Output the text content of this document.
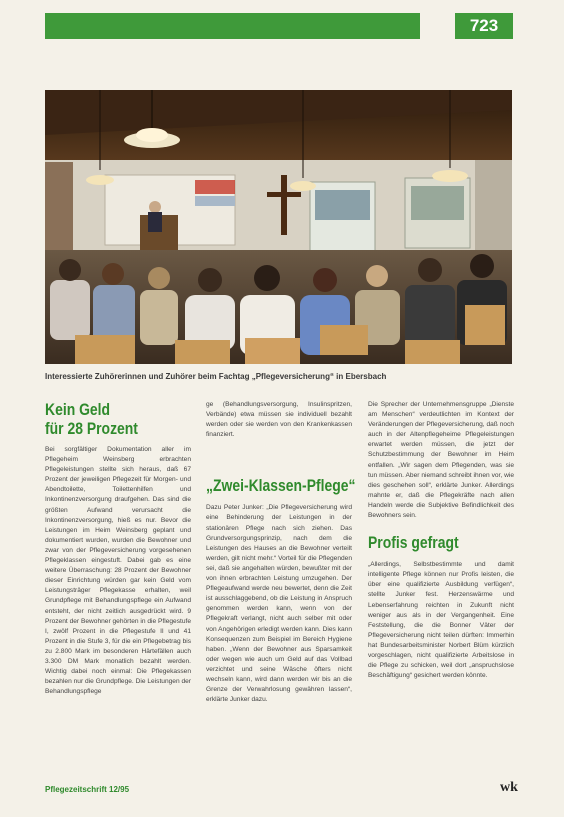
723
Interessierte Zuhörerinnen und Zuhörer beim Fachtag „Pflegeversicherung“ in Ebersbach
Kein Geld
für 28 Prozent

Bei sorgfältiger Dokumentation aller im Pflegeheim Weinsberg erbrachten Pflegeleistungen stellte sich heraus, daß 67 Prozent der jeweiligen Pflegezeit für Morgen- und Abendtoilette, Toilettenhilfen und Inkontinenzversorgung draufgehen. Das sind die größten Aufwand verursacht die Inkontinenzversorgung, hieß es nur. Bevor die Leistungen im Heim Weinsberg geplant und dokumentiert wurden, wurden die Bewohner und zwar von der Pflegeversicherung vorgesehenen Pflegeklassen eingestuft. Dabei gab es eine weitere Überraschung: 28 Prozent der Bewohner dieser Einrichtung würden gar kein Geld vom Leistungsträger Pflegekasse erhalten, weil Grundpflege mit Behandlungspflege ein Aufwand entsteht, der nicht zeitlich ausgedrückt wird. 9 Prozent der Bewohner gehörten in die Pflegestufe I, zwölf Prozent in die Pflegestufe II und 41 Prozent in die Stufe 3, für die ein Pflegebetrag bis zu 2.800 Mark im besonderen Härtefällen auch 3.300 DM Mark monatlich bezahlt werden. Wichtig dabei noch einmal: Die Pflegekassen bezahlen nur die Grundpflege. Die Leistungen der Behandlungspflege

ge (Behandlungsversorgung, Insulinspritzen, Verbände) etwa müssen sie individuell bezahlt werden oder sie werden von den Krankenkassen finanziert.

„Zwei-Klassen-Pflege“

Dazu Peter Junker: „Die Pflegeversicherung wird eine Behinderung der Leistungen in der stationären Pflege nach sich ziehen. Das Grundversorgungsprinzip, nach dem die Leistungen des Hauses an die Bewohner verteilt werden, gilt nicht mehr.“ Vorteil für die Pflegenden sei, daß sie angehalten würden, bewußter mit der von ihnen erbrachten Leistung umzugehen. Der Pflegeaufwand werde neu bewertet, denn die Zeit ist ausschlaggebend, ob die Leistung in Anspruch genommen werden kann, wenn von der Pflegekraft verlangt, nicht auch selber mit oder von Angehörigen erledigt werden kann. Dies kann Konsequenzen zum Beispiel im Bereich Hygiene haben. „Wenn der Bewohner aus Sparsamkeit oder wegen wie auch um Geld auf das Vollbad verzichtet und seine Wäsche öfters nicht wechseln kann, wird dann werden wir bis an die Grenze der Verwahrlosung gewähren lassen“, erklärte Junker dazu.

Die Sprecher der Unternehmensgruppe „Dienste am Menschen“ verdeutlichten im Kontext der Veränderungen der Pflegeversicherung, daß noch auch in der Altenpflegeheime Pflegeleistungen erwartet werden müssen, die jetzt der Schutzbestimmung der Bewohner im Heim entfallen. „Wir sagen dem Pflegenden, was sie tun müssen. Aber niemand schreibt ihnen vor, wie dies geschehen soll“, erklärte Junker. Allerdings mahnte er, daß die Pflegekräfte nach allen Handeln werde die Subjektive Befindlichkeit des Bewohners sein.

Profis gefragt

„Allerdings, Selbstbestimmte und damit intelligente Pflege können nur Profis leisten, die über eine qualifizierte Ausbildung verfügen“, stellte Junker fest. Herzenswärme und Lebenserfahrung reichten in Zukunft nicht weniger aus als in der Vergangenheit. Eine Feststellung, die die Bonner Väter der Pflegeversicherung nicht teilen dürften: Immerhin hat Bundesarbeitsminister Norbert Blüm kürzlich vorgeschlagen, nicht qualifizierte Arbeitslose in die Pflege zu schicken, weil dort „anspruchslose Beschäftigung“ gesichert werden könnte.

Pflegezeitschrift 12/95	wk
